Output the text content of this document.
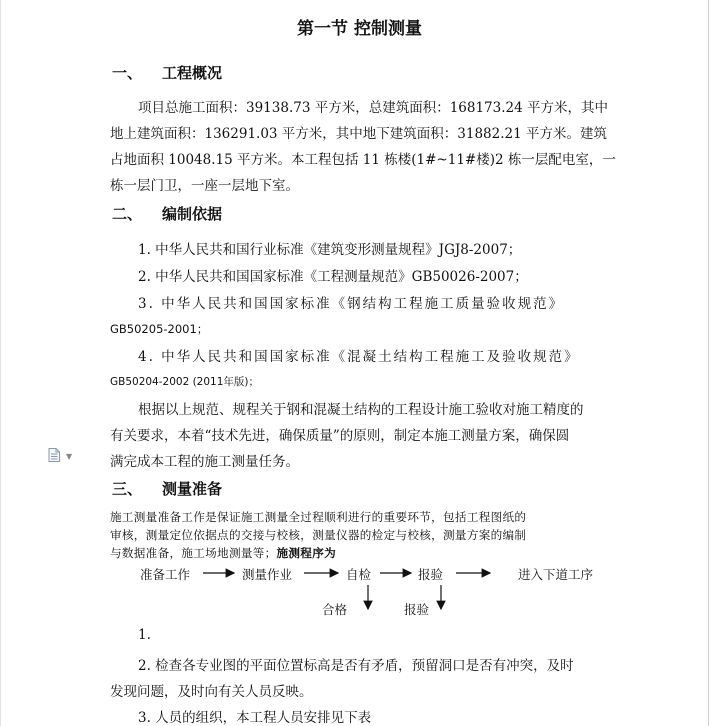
第一节 控制测量
一、 工程概况
项目总施工面积：39138.73 平方米，总建筑面积：168173.24 平方米，其中
地上建筑面积：136291.03 平方米，其中地下建筑面积：31882.21 平方米。建筑
占地面积 10048.15 平方米。本工程包括 11 栋楼(1#~11#楼)2 栋一层配电室，一
栋一层门卫，一座一层地下室。
二、 编制依据
1. 中华人民共和国行业标准《建筑变形测量规程》JGJ8-2007；
2. 中华人民共和国国家标准《工程测量规范》GB50026-2007；
3. 中华人民共和国国家标准《钢结构工程施工质量验收规范》
GB50205-2001；
4. 中华人民共和国国家标准《混凝土结构工程施工及验收规范》
GB50204-2002 (2011年版)；
根据以上规范、规程关于钢和混凝土结构的工程设计施工验收对施工精度的
有关要求，本着“技术先进，确保质量”的原则，制定本施工测量方案，确保圆
满完成本工程的施工测量任务。
▼
三、 测量准备
施工测量准备工作是保证施工测量全过程顺利进行的重要环节，包括工程图纸的
审核，测量定位依据点的交接与校核，测量仪器的检定与校核，测量方案的编制
与数据准备，施工场地测量等；施测程序为
准备工作	测量作业	自检	报验	进入下道工序
合格	报验
1.
2. 检查各专业图的平面位置标高是否有矛盾，预留洞口是否有冲突，及时
发现问题，及时向有关人员反映。
3. 人员的组织，本工程人员安排见下表
